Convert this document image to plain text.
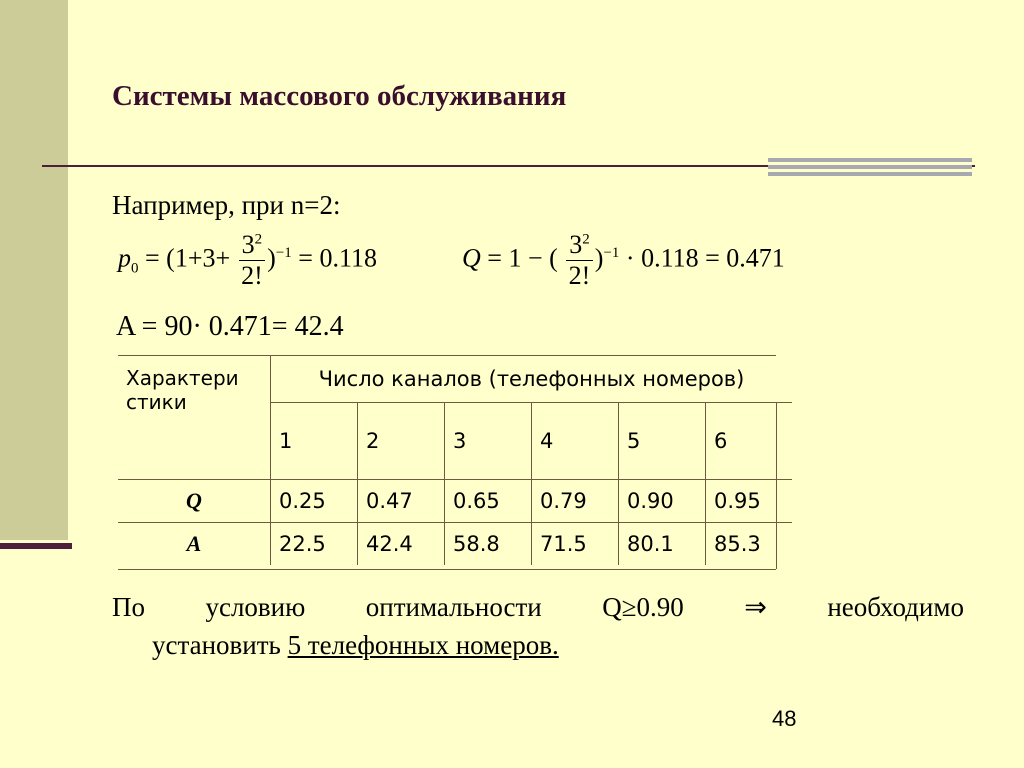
Системы массового обслуживания
Например, при n=2:
$p_0 = (1+3+ \frac{3^2}{2!} )^{-1} = 0.118$	Q = 1 − ( $\frac{3^2}{2!} )^{-1} \cdot 0.118 = 0.471$
A = 90· 0.471= 42.4
Характери
стики	Число каналов (телефонных номеров)					
	1	2	3	4	5	6
Q	0.25	0.47	0.65	0.79	0.90	0.95
A	22.5	42.4	58.8	71.5	80.1	85.3
По условию оптимальности Q≥0.90 ⇒ необходимо
установить 5 телефонных номеров.
48
